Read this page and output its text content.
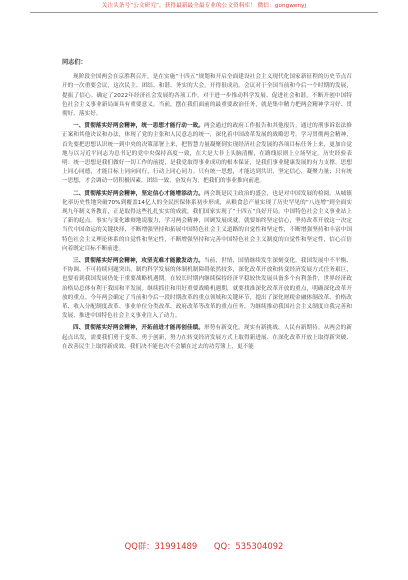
关注头条号“公文研究”，获得最新最全最专业的公文资料库！ 微信：gongwenyj

同志们：

现阶段全国两会在京胜利召开，是在实施“十四五”规划和开启全面建设社会主义现代化国家新征程的历史节点召开的一次重要会议，这次民主、团结、和谐、务实的大会，开得很成功。会议对于全国当前和今后一个时期的发展，提振了信心。确定了2022年经济社会发展的各项工作，对于进一步推动科学发展、促进社会和谐，不断开创中国特色社会主义事业新局面具有重要意义。当前，摆在我们面前的最重要政治任务，就是集中精力把两会精神学习好、贯彻好、落实好。

一、贯彻落实好两会精神，统一思想才能行动一致。两会通过的政府工作报告和其他报告，通过的刑事诉讼法修正案和其他决议和办法，体现了党的主张和人民意志的统一，深化着中国改革发展的战略思考。学习贯彻两会精神，首先要把思想认识统一到中央的决策部署上来，把智慧力量凝聚到实现经济社会发展的各项目标任务上来，更加自觉地与以习近平同志为总书记的党中央保持高度一致，在大是大非上头脑清醒，在路线原则上立场坚定。历史经验表明：统一思想是我们做好一切工作的前提，是我党取得事业成功的根本保证，是我们事业健康发展的有力支撑。思想上同心同德，才能目标上同向同行，行动上同心同力。只有统一思想，才能达到共识，坚定信心，凝聚力量；只有统一思想，才会调动一切积极因素，团结一致，奋发有为，把我们的事业推向前进。

二、贯彻落实好两会精神，坚定信心才能增添动力。两会既是民主政治的盛会，也是对中国发展的检阅。从城镇化率历史性地突破70%到覆盖14亿人的全民医保体系初步形成，从粮食总产量实现了历史罕见的“八连增”到全面实现九年制义务教育，正是取得这些扎扎实实的成就，我们国家实现了“十四五”良好开局，中国特色社会主义事业站上了新的起点。事实与变化雄辩地说服力，学习两会精神，回顾发展成就，就要始终坚定信心，坚持改革开放这一决定当代中国命运的关键抉择，不断增强坚持和拓展中国特色社会主义道路的自觉性和坚定性，不断增强坚持和丰富中国特色社会主义理论体系的自觉性和坚定性，不断增强坚持和完善中国特色社会主义制度的自觉性和坚定性，信心百倍向着既定目标不断前进。

三、贯彻落实好两会精神，攻坚克难才能激发动力。当前，世情、国情继续发生深刻变化。我国发展中不平衡、不协调、不可持续问题突出，制约科学发展的体制机制障碍依然较多，深化改革开放和转变经济发展方式任务艰巨，也要看到我国发展仍处于重要战略机遇期。在较长时期内继续保持经济平稳较快发展具备多个有利条件，世界经济政治格局总体有利于我国和平发展。继续抓住和用好重要战略机遇期，就要找准深化改革开放的重点，明确深化改革开放的重点。今年两会确定了当前和今后一段时期改革的重点领域和关键环节，提出了深化财税金融体制改革、价格改革、收入分配制度改革、事业单位分类改革、政府改革等改革的重点任务，为继续推动我国社会主义制度自我完善和发展、推进中国特色社会主义事业注入了动力。

四、贯彻落实好两会精神，开拓前进才能再创佳绩。形势有新变化，现实有新挑战，人民有新期待。从两会的新起点出发，需要我们勇于变革、勇于创新，努力在转变经济发展方式上取得新进展、在深化改革开放上取得新突破、在改善民生上取得新成效。我们决不能也决不会躺在过去的功劳簿上，更不能

QQ群：31991489 QQ：535304092
